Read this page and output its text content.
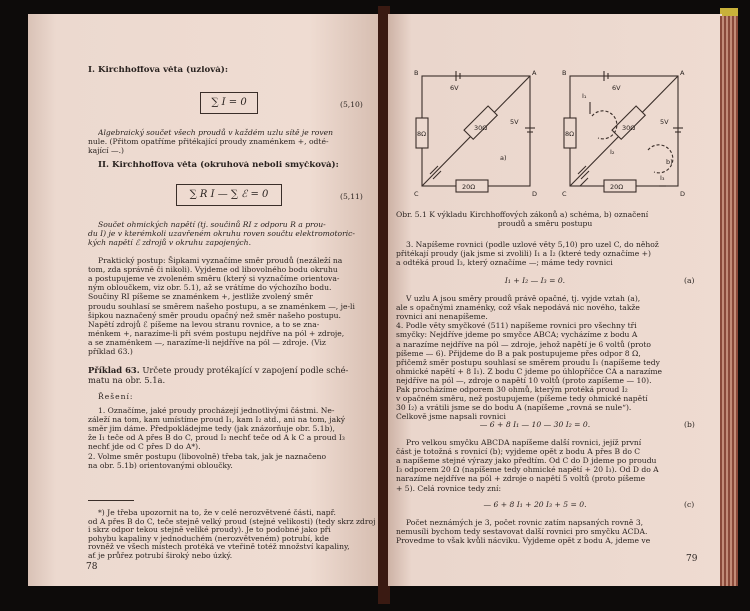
I. Kirchhoffova věta (uzlová):
∑ I = 0	(5,10)
Algebraický součet všech proudů v každém uzlu sítě je roven
nule. (Přitom opatříme přitékající proudy znaménkem +, odté-
kající —.)
II. Kirchhoffova věta (okruhová neboli smyčková):
∑ R I — ∑ ℰ = 0	(5,11)
Součet ohmických napětí (tj. součinů RI z odporu R a prou-
du I) je v kterémkoli uzavřeném okruhu roven součtu elektromotoric-
kých napětí ℰ zdrojů v okruhu zapojených.
Praktický postup: Šipkami vyznačíme směr proudů (nezáleží na
tom, zda správně či nikoli). Vyjdeme od libovolného bodu okruhu
a postupujeme ve zvoleném směru (který si vyznačíme orientova-
ným obloučkem, viz obr. 5.1), až se vrátíme do výchozího bodu.
Součiny RI píšeme se znaménkem +, jestliže zvolený směr
proudu souhlasí se směrem našeho postupu, a se znaménkem —, je-li
šipkou naznačený směr proudu opačný než směr našeho postupu.
Napětí zdrojů ℰ píšeme na levou stranu rovnice, a to se zna-
ménkem +, narazíme-li při svém postupu nejdříve na pól + zdroje,
a se znaménkem —, narazíme-li nejdříve na pól — zdroje. (Viz
příklad 63.)
Příklad 63. Určete proudy protékající v zapojení podle sché-
matu na obr. 5.1a.
Řešení:
1. Označíme, jaké proudy procházejí jednotlivými částmi. Ne-
záleží na tom, kam umístíme proud I₁, kam I₂ atd., ani na tom, jaký
směr jim dáme. Předpokládejme tedy (jak znázorňuje obr. 5.1b),
že I₁ teče od A přes B do C, proud I₂ nechť teče od A k C a proud I₃
nechť jde od C přes D do A*).
2. Volme směr postupu (libovolně) třeba tak, jak je naznačeno
na obr. 5.1b) orientovanými obloučky.
*) Je třeba upozornit na to, že v celé nerozvětvené části, např.
od A přes B do C, teče stejně velký proud (stejné velikosti) (tedy skrz zdroj
i skrz odpor tekou stejně veliké proudy). Je to podobné jako při
pohybu kapaliny v jednoduchém (nerozvětveném) potrubí, kde
rovněž ve všech místech protéká ve vteřině totéž množství kapaliny,
ať je průřez potrubí široký nebo úzký.
78
B	A
C	D
6V
5V
30Ω
8Ω
20Ω
a)
B	A
C	D
6V
5V
30Ω
8Ω
20Ω
b)
I₁
I₂
I₃
Obr. 5.1 K výkladu Kirchhoffových zákonů a) schéma, b) označení
proudů a směru postupu
3. Napíšeme rovnici (podle uzlové věty 5,10) pro uzel C, do něhož
přitékají proudy (jak jsme si zvolili) I₁ a I₂ (které tedy označíme +)
a odtéká proud I₃, který označíme —; máme tedy rovnici
I₁ + I₂ — I₃ = 0.	(a)
V uzlu A jsou směry proudů právě opačné, tj. vyjde vztah (a),
ale s opačnými znaménky, což však nepodává nic nového, takže
rovnici ani nenapíšeme.
4. Podle věty smyčkové (511) napíšeme rovnici pro všechny tři
smyčky: Nejdříve jdeme po smyčce ABCA; vycházíme z bodu A
a narazíme nejdříve na pól — zdroje, jehož napětí je 6 voltů (proto
píšeme — 6). Přijdeme do B a pak postupujeme přes odpor 8 Ω,
přičemž směr postupu souhlasí se směrem proudu I₁ (napíšeme tedy
ohmické napětí + 8 I₁). Z bodu C jdeme po úhlopříčce CA a narazíme
nejdříve na pól —, zdroje o napětí 10 voltů (proto zapíšeme — 10).
Pak procházíme odporem 30 ohmů, kterým protéká proud I₂
v opačném směru, než postupujeme (píšeme tedy ohmické napětí
30 I₂) a vrátili jsme se do bodu A (napíšeme „rovná se nule“).
Celkově jsme napsali rovnici
— 6 + 8 I₁ — 10 — 30 I₂ = 0.	(b)
Pro velkou smyčku ABCDA napíšeme další rovnici, jejíž první
část je totožná s rovnicí (b); vyjdeme opět z bodu A přes B do C
a napíšeme stejné výrazy jako předtím. Od C do D jdeme po proudu
I₃ odporem 20 Ω (napíšeme tedy ohmické napětí + 20 I₃). Od D do A
narazíme nejdříve na pól + zdroje o napětí 5 voltů (proto píšeme
+ 5). Celá rovnice tedy zní:
— 6 + 8 I₁ + 20 I₃ + 5 = 0.	(c)
Počet neznámých je 3, počet rovnic zatím napsaných rovně 3,
nemusíli bychom tedy sestavovat další rovnici pro smyčku ACDA.
Provedme to však kvůli nácviku. Vyjdeme opět z bodu A, jdeme ve
79
